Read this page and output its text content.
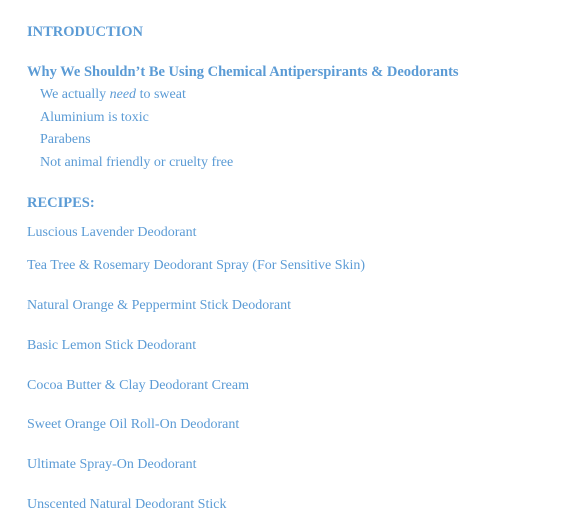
INTRODUCTION
Why We Shouldn’t Be Using Chemical Antiperspirants & Deodorants
We actually need to sweat
Aluminium is toxic
Parabens
Not animal friendly or cruelty free
RECIPES:
Luscious Lavender Deodorant
Tea Tree & Rosemary Deodorant Spray (For Sensitive Skin)
Natural Orange & Peppermint Stick Deodorant
Basic Lemon Stick Deodorant
Cocoa Butter & Clay Deodorant Cream
Sweet Orange Oil Roll-On Deodorant
Ultimate Spray-On Deodorant
Unscented Natural Deodorant Stick
